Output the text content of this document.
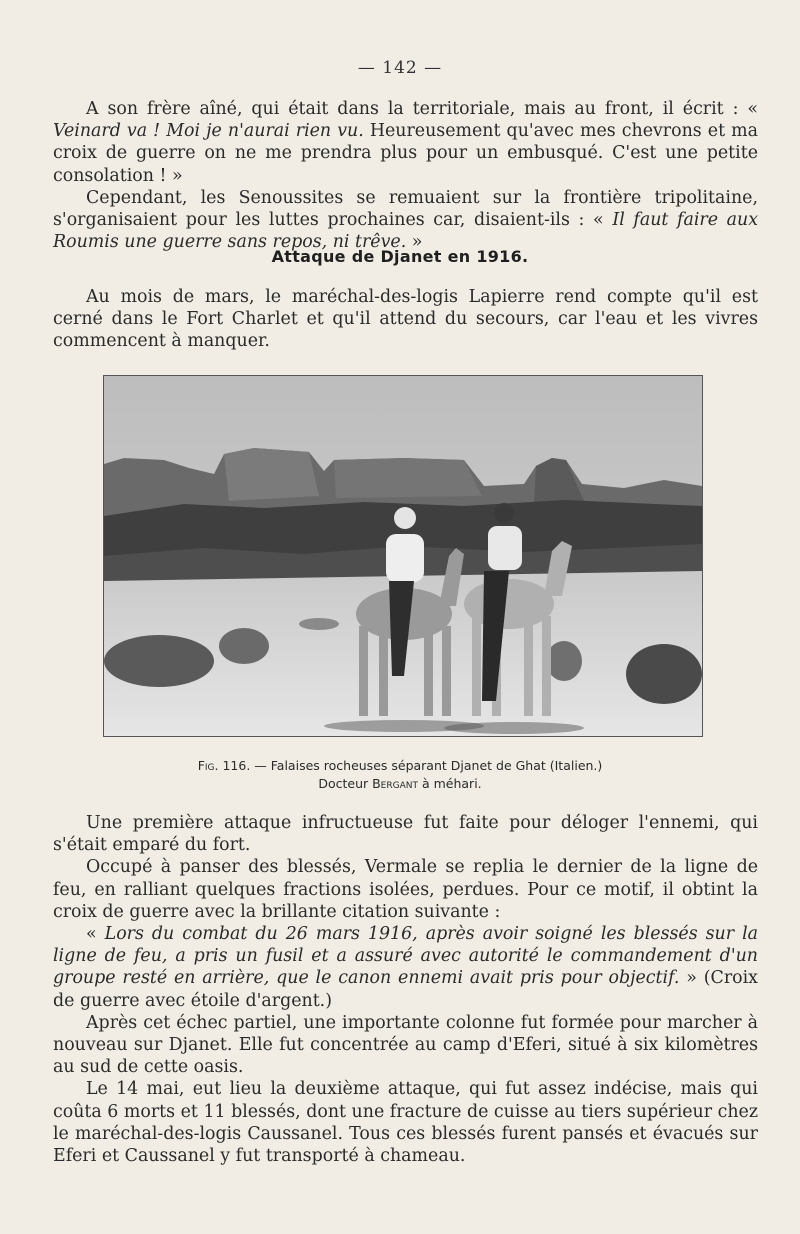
— 142 —

A son frère aîné, qui était dans la territoriale, mais au front, il écrit : « Veinard va ! Moi je n'aurai rien vu. Heureusement qu'avec mes chevrons et ma croix de guerre on ne me prendra plus pour un embusqué. C'est une petite consolation ! »

Cependant, les Senoussites se remuaient sur la frontière tripolitaine, s'organisaient pour les luttes prochaines car, disaient-ils : « Il faut faire aux Roumis une guerre sans repos, ni trêve. »

Attaque de Djanet en 1916.

Au mois de mars, le maréchal-des-logis Lapierre rend compte qu'il est cerné dans le Fort Charlet et qu'il attend du secours, car l'eau et les vivres commencent à manquer.

Fig. 116. — Falaises rocheuses séparant Djanet de Ghat (Italien.)
Docteur Bergant à méhari.

Une première attaque infructueuse fut faite pour déloger l'ennemi, qui s'était emparé du fort.

Occupé à panser des blessés, Vermale se replia le dernier de la ligne de feu, en ralliant quelques fractions isolées, perdues. Pour ce motif, il obtint la croix de guerre avec la brillante citation suivante :

« Lors du combat du 26 mars 1916, après avoir soigné les blessés sur la ligne de feu, a pris un fusil et a assuré avec autorité le commandement d'un groupe resté en arrière, que le canon ennemi avait pris pour objectif. » (Croix de guerre avec étoile d'argent.)

Après cet échec partiel, une importante colonne fut formée pour marcher à nouveau sur Djanet. Elle fut concentrée au camp d'Eferi, situé à six kilomètres au sud de cette oasis.

Le 14 mai, eut lieu la deuxième attaque, qui fut assez indécise, mais qui coûta 6 morts et 11 blessés, dont une fracture de cuisse au tiers supérieur chez le maréchal-des-logis Caussanel. Tous ces blessés furent pansés et évacués sur Eferi et Caussanel y fut transporté à chameau.
